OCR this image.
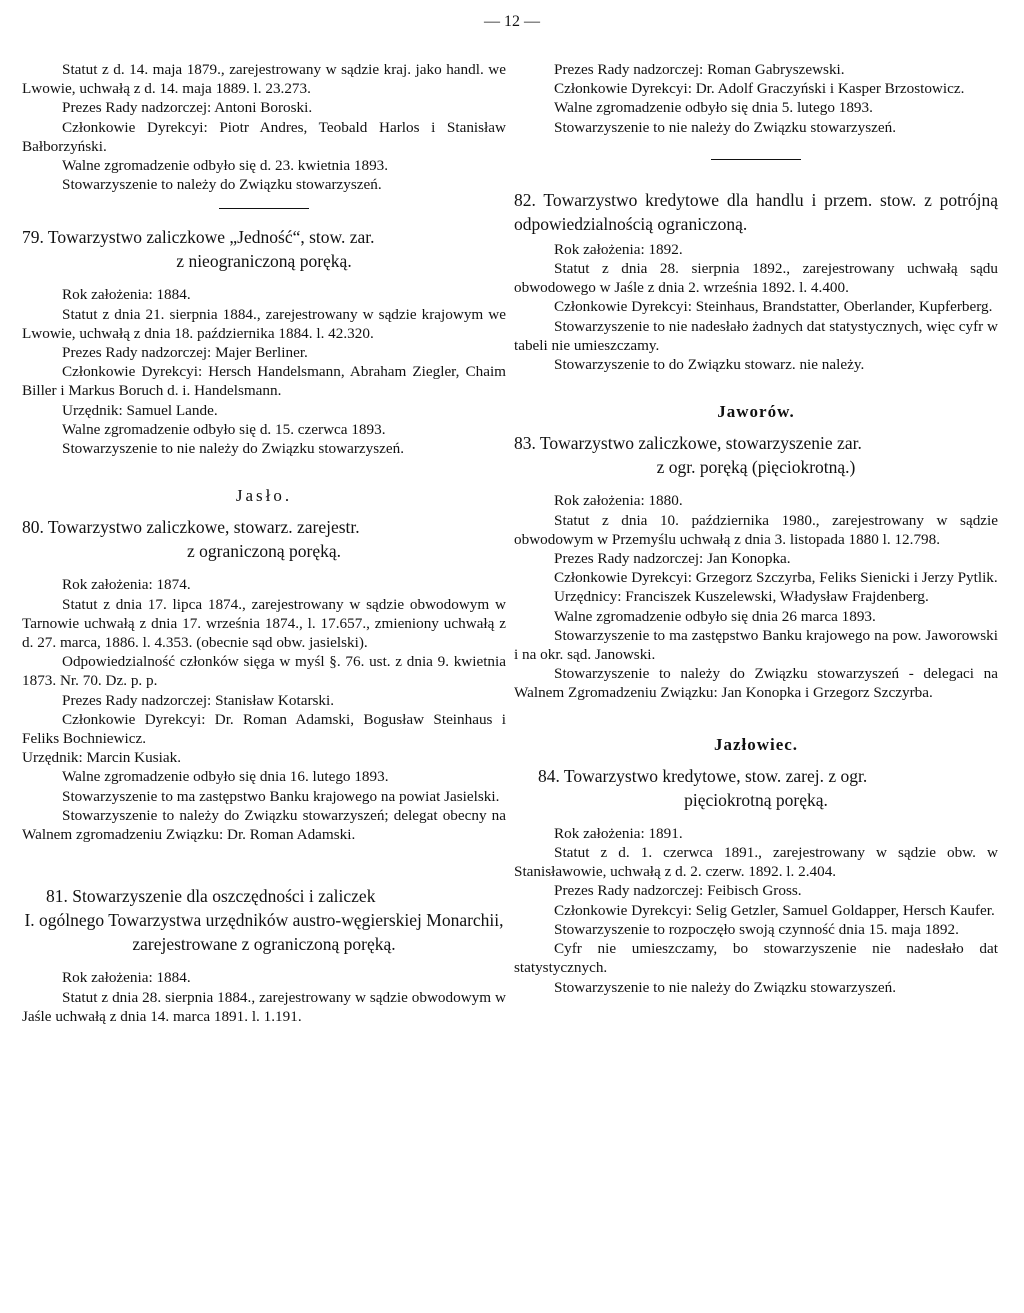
— 12 —

Statut z d. 14. maja 1879., zarejestrowany w sądzie kraj. jako handl. we Lwowie, uchwałą z d. 14. maja 1889. l. 23.273.

Prezes Rady nadzorczej: Antoni Boroski.

Członkowie Dyrekcyi: Piotr Andres, Teobald Harlos i Stanisław Bałborzyński.

Walne zgromadzenie odbyło się d. 23. kwietnia 1893.

Stowarzyszenie to należy do Związku stowarzyszeń.

79. Towarzystwo zaliczkowe „Jedność“, stow. zar.

z nieograniczoną poręką.

Rok założenia: 1884.

Statut z dnia 21. sierpnia 1884., zarejestrowany w sądzie krajowym we Lwowie, uchwałą z dnia 18. października 1884. l. 42.320.

Prezes Rady nadzorczej: Majer Berliner.

Członkowie Dyrekcyi: Hersch Handelsmann, Abraham Ziegler, Chaim Biller i Markus Boruch d. i. Handelsmann.

Urzędnik: Samuel Lande.

Walne zgromadzenie odbyło się d. 15. czerwca 1893.

Stowarzyszenie to nie należy do Związku stowarzyszeń.

Jasło.

80. Towarzystwo zaliczkowe, stowarz. zarejestr.

z ograniczoną poręką.

Rok założenia: 1874.

Statut z dnia 17. lipca 1874., zarejestrowany w sądzie obwodowym w Tarnowie uchwałą z dnia 17. września 1874., l. 17.657., zmieniony uchwałą z d. 27. marca, 1886. l. 4.353. (obecnie sąd obw. jasielski).

Odpowiedzialność członków sięga w myśl §. 76. ust. z dnia 9. kwietnia 1873. Nr. 70. Dz. p. p.

Prezes Rady nadzorczej: Stanisław Kotarski.

Członkowie Dyrekcyi: Dr. Roman Adamski, Bogusław Steinhaus i Feliks Bochniewicz.

Urzędnik: Marcin Kusiak.

Walne zgromadzenie odbyło się dnia 16. lutego 1893.

Stowarzyszenie to ma zastępstwo Banku krajowego na powiat Jasielski.

Stowarzyszenie to należy do Związku stowarzyszeń; delegat obecny na Walnem zgromadzeniu Związku: Dr. Roman Adamski.

81. Stowarzyszenie dla oszczędności i zaliczek

I. ogólnego Towarzystwa urzędników austro-węgierskiej Monarchii, zarejestrowane z ograniczoną poręką.

Rok założenia: 1884.

Statut z dnia 28. sierpnia 1884., zarejestrowany w sądzie obwodowym w Jaśle uchwałą z dnia 14. marca 1891. l. 1.191.

Prezes Rady nadzorczej: Roman Gabryszewski.

Członkowie Dyrekcyi: Dr. Adolf Graczyński i Kasper Brzostowicz.

Walne zgromadzenie odbyło się dnia 5. lutego 1893.

Stowarzyszenie to nie należy do Związku stowarzyszeń.

82. Towarzystwo kredytowe dla handlu i przem. stow. z potrójną odpowiedzialnością ograniczoną.

Rok założenia: 1892.

Statut z dnia 28. sierpnia 1892., zarejestrowany uchwałą sądu obwodowego w Jaśle z dnia 2. września 1892. l. 4.400.

Członkowie Dyrekcyi: Steinhaus, Brandstatter, Oberlander, Kupferberg.

Stowarzyszenie to nie nadesłało żadnych dat statystycznych, więc cyfr w tabeli nie umieszczamy.

Stowarzyszenie to do Związku stowarz. nie należy.

Jaworów.

83. Towarzystwo zaliczkowe, stowarzyszenie zar.

z ogr. poręką (pięciokrotną.)

Rok założenia: 1880.

Statut z dnia 10. października 1980., zarejestrowany w sądzie obwodowym w Przemyślu uchwałą z dnia 3. listopada 1880 l. 12.798.

Prezes Rady nadzorczej: Jan Konopka.

Członkowie Dyrekcyi: Grzegorz Szczyrba, Feliks Sienicki i Jerzy Pytlik.

Urzędnicy: Franciszek Kuszelewski, Władysław Frajdenberg.

Walne zgromadzenie odbyło się dnia 26 marca 1893.

Stowarzyszenie to ma zastępstwo Banku krajowego na pow. Jaworowski i na okr. sąd. Janowski.

Stowarzyszenie to należy do Związku stowarzyszeń - delegaci na Walnem Zgromadzeniu Związku: Jan Konopka i Grzegorz Szczyrba.

Jazłowiec.

84. Towarzystwo kredytowe, stow. zarej. z ogr.

pięciokrotną poręką.

Rok założenia: 1891.

Statut z d. 1. czerwca 1891., zarejestrowany w sądzie obw. w Stanisławowie, uchwałą z d. 2. czerw. 1892. l. 2.404.

Prezes Rady nadzorczej: Feibisch Gross.

Członkowie Dyrekcyi: Selig Getzler, Samuel Goldapper, Hersch Kaufer.

Stowarzyszenie to rozpoczęło swoją czynność dnia 15. maja 1892.

Cyfr nie umieszczamy, bo stowarzyszenie nie nadesłało dat statystycznych.

Stowarzyszenie to nie należy do Związku stowarzyszeń.
